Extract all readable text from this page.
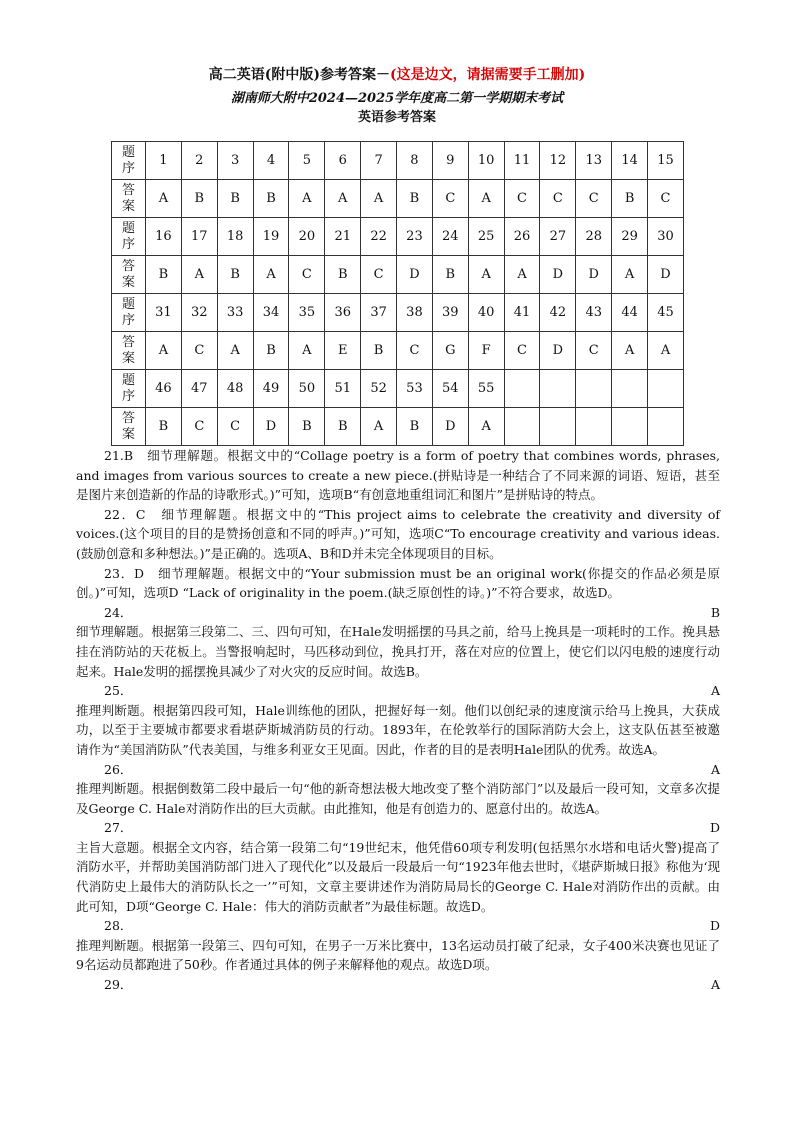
高二英语(附中版)参考答案－(这是边文，请据需要手工删加)
湖南师大附中2024—2025学年度高二第一学期期末考试
英语参考答案
题
序	1	2	3	4	5	6	7	8	9	10	11	12	13	14	15
答
案	A	B	B	B	A	A	A	B	C	A	C	C	C	B	C
题
序	16	17	18	19	20	21	22	23	24	25	26	27	28	29	30
答
案	B	A	B	A	C	B	C	D	B	A	A	D	D	A	D
题
序	31	32	33	34	35	36	37	38	39	40	41	42	43	44	45
答
案	A	C	A	B	A	E	B	C	G	F	C	D	C	A	A
题
序	46	47	48	49	50	51	52	53	54	55					
答
案	B	C	C	D	B	B	A	B	D	A					

21.B　细节理解题。根据文中的“Collage poetry is a form of poetry that combines words, phrases, and images from various sources to create a new piece.(拼贴诗是一种结合了不同来源的词语、短语，甚至是图片来创造新的作品的诗歌形式。)”可知，选项B“有创意地重组词汇和图片”是拼贴诗的特点。

22．C　细节理解题。根据文中的“This project aims to celebrate the creativity and diversity of voices.(这个项目的目的是赞扬创意和不同的呼声。)”可知，选项C“To encourage creativity and various ideas.(鼓励创意和多种想法。)”是正确的。选项A、B和D并未完全体现项目的目标。

23．D　细节理解题。根据文中的“Your submission must be an original work(你提交的作品必须是原创。)”可知，选项D “Lack of originality in the poem.(缺乏原创性的诗。)”不符合要求，故选D。

24．	B

细节理解题。根据第三段第二、三、四句可知，在Hale发明摇摆的马具之前，给马上挽具是一项耗时的工作。挽具悬挂在消防站的天花板上。当警报响起时，马匹移动到位，挽具打开，落在对应的位置上，使它们以闪电般的速度行动起来。Hale发明的摇摆挽具减少了对火灾的反应时间。故选B。

25．	A

推理判断题。根据第四段可知，Hale训练他的团队，把握好每一刻。他们以创纪录的速度演示给马上挽具，大获成功，以至于主要城市都要求看堪萨斯城消防员的行动。1893年，在伦敦举行的国际消防大会上，这支队伍甚至被邀请作为“美国消防队”代表美国，与维多利亚女王见面。因此，作者的目的是表明Hale团队的优秀。故选A。

26．	A

推理判断题。根据倒数第二段中最后一句“他的新奇想法极大地改变了整个消防部门”以及最后一段可知，文章多次提及George C. Hale对消防作出的巨大贡献。由此推知，他是有创造力的、愿意付出的。故选A。

27．	D

主旨大意题。根据全文内容，结合第一段第二句“19世纪末，他凭借60项专利发明(包括黑尔水塔和电话火警)提高了消防水平，并帮助美国消防部门进入了现代化”以及最后一段最后一句“1923年他去世时，《堪萨斯城日报》称他为‘现代消防史上最伟大的消防队长之一’”可知，文章主要讲述作为消防局局长的George C. Hale对消防作出的贡献。由此可知，D项“George C. Hale：伟大的消防贡献者”为最佳标题。故选D。

28．	D

推理判断题。根据第一段第三、四句可知，在男子一万米比赛中，13名运动员打破了纪录，女子400米决赛也见证了9名运动员都跑进了50秒。作者通过具体的例子来解释他的观点。故选D项。

29．	A
